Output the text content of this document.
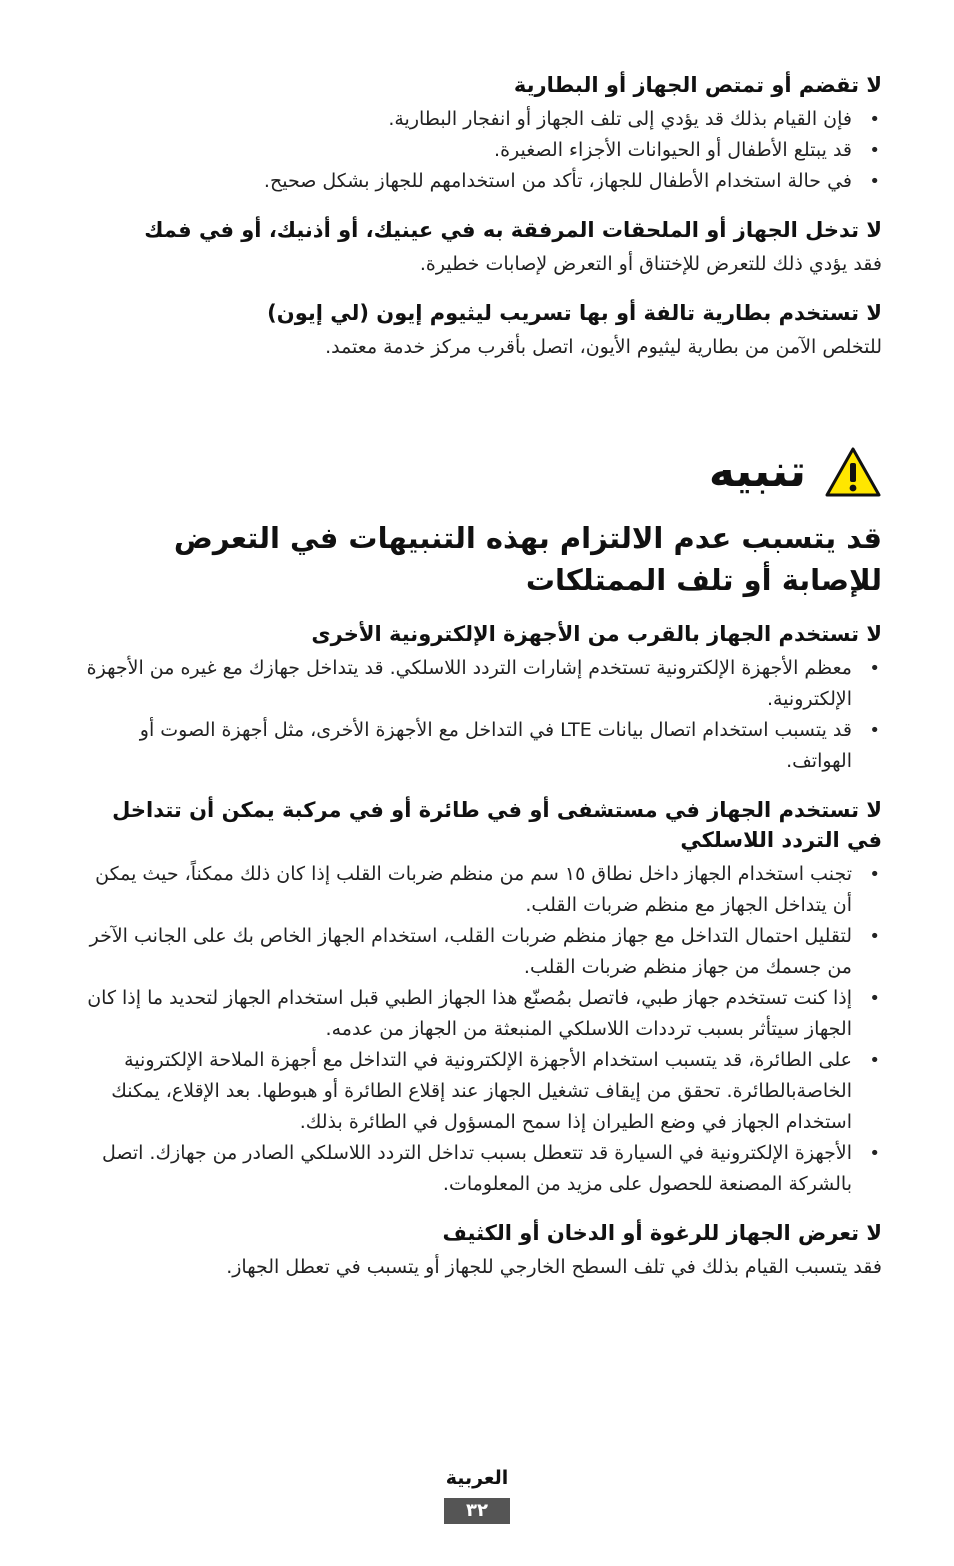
لا تقضم أو تمتص الجهاز أو البطارية
• فإن القيام بذلك قد يؤدي إلى تلف الجهاز أو انفجار البطارية.
• قد يبتلع الأطفال أو الحيوانات الأجزاء الصغيرة.
• في حالة استخدام الأطفال للجهاز، تأكد من استخدامهم للجهاز بشكل صحيح.
لا تدخل الجهاز أو الملحقات المرفقة به في عينيك، أو أذنيك، أو في فمك

فقد يؤدي ذلك للتعرض للإختناق أو التعرض لإصابات خطيرة.

لا تستخدم بطارية تالفة أو بها تسريب ليثيوم إيون (لي إيون)

للتخلص الآمن من بطارية ليثيوم الأيون، اتصل بأقرب مركز خدمة معتمد.

تنبيه
قد يتسبب عدم الالتزام بهذه التنبيهات في التعرض للإصابة أو تلف الممتلكات
لا تستخدم الجهاز بالقرب من الأجهزة الإلكترونية الأخرى
• معظم الأجهزة الإلكترونية تستخدم إشارات التردد اللاسلكي. قد يتداخل جهازك مع غيره من الأجهزة الإلكترونية.
• قد يتسبب استخدام اتصال بيانات LTE في التداخل مع الأجهزة الأخرى، مثل أجهزة الصوت أو الهواتف.
لا تستخدم الجهاز في مستشفى أو في طائرة أو في مركبة يمكن أن تتداخل في التردد اللاسلكي
• تجنب استخدام الجهاز داخل نطاق ١٥ سم من منظم ضربات القلب إذا كان ذلك ممكناً، حيث يمكن أن يتداخل الجهاز مع منظم ضربات القلب.
• لتقليل احتمال التداخل مع جهاز منظم ضربات القلب، استخدام الجهاز الخاص بك على الجانب الآخر من جسمك من جهاز منظم ضربات القلب.
• إذا كنت تستخدم جهاز طبي، فاتصل بمُصنّع هذا الجهاز الطبي قبل استخدام الجهاز لتحديد ما إذا كان الجهاز سيتأثر بسبب ترددات اللاسلكي المنبعثة من الجهاز من عدمه.
• على الطائرة، قد يتسبب استخدام الأجهزة الإلكترونية في التداخل مع أجهزة الملاحة الإلكترونية الخاصةبالطائرة. تحقق من إيقاف تشغيل الجهاز عند إقلاع الطائرة أو هبوطها. بعد الإقلاع، يمكنك استخدام الجهاز في وضع الطيران إذا سمح المسؤول في الطائرة بذلك.
• الأجهزة الإلكترونية في السيارة قد تتعطل بسبب تداخل التردد اللاسلكي الصادر من جهازك. اتصل بالشركة المصنعة للحصول على مزيد من المعلومات.
لا تعرض الجهاز للرغوة أو الدخان أو الكثيف

فقد يتسبب القيام بذلك في تلف السطح الخارجي للجهاز أو يتسبب في تعطل الجهاز.

العربية
٣٢
